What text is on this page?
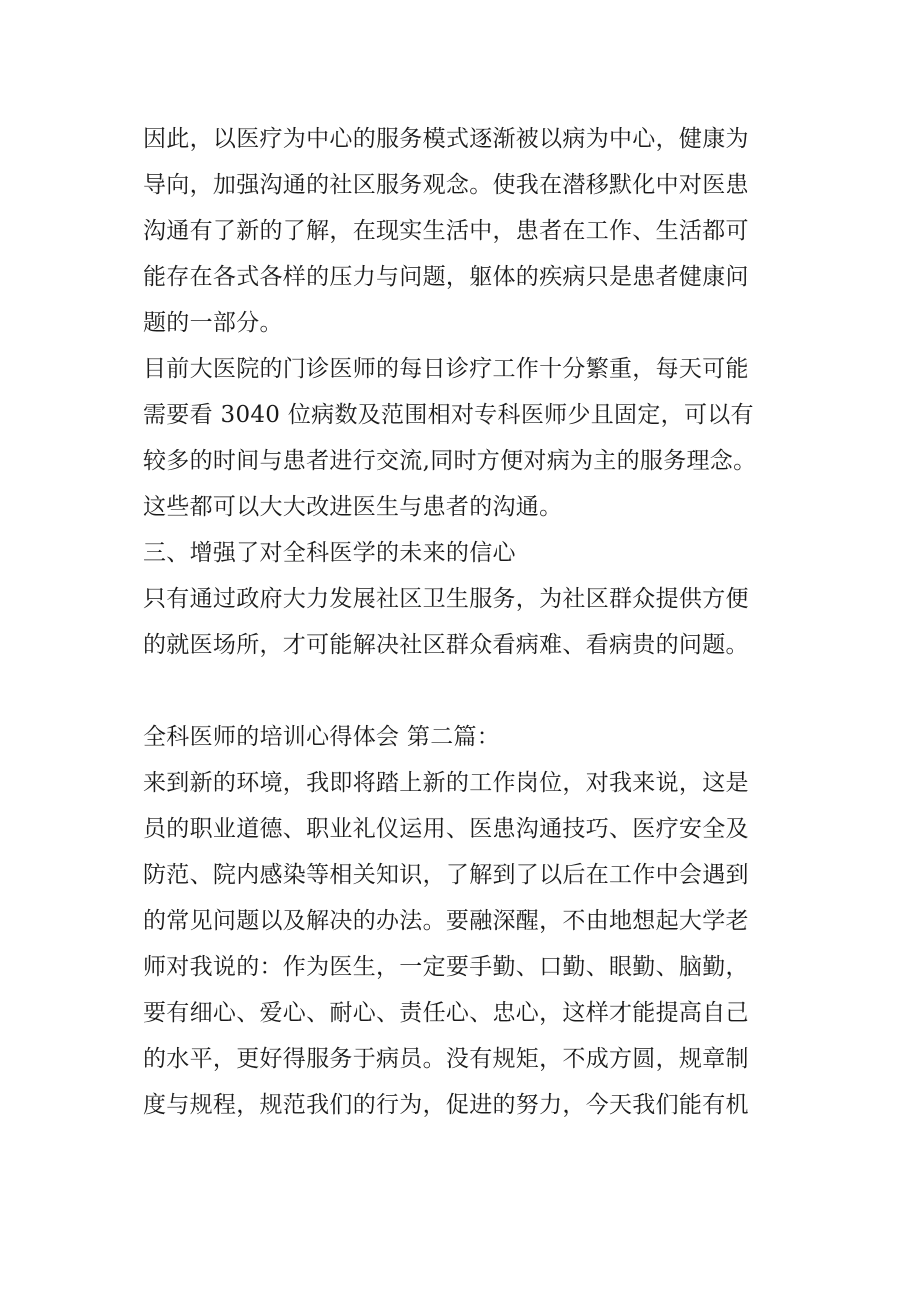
因此，以医疗为中心的服务模式逐渐被以病为中心，健康为
导向，加强沟通的社区服务观念。使我在潜移默化中对医患
沟通有了新的了解，在现实生活中，患者在工作、生活都可
能存在各式各样的压力与问题，躯体的疾病只是患者健康问
题的一部分。
目前大医院的门诊医师的每日诊疗工作十分繁重，每天可能
需要看 3040 位病数及范围相对专科医师少且固定，可以有
较多的时间与患者进行交流,同时方便对病为主的服务理念。
这些都可以大大改进医生与患者的沟通。
三、增强了对全科医学的未来的信心
只有通过政府大力发展社区卫生服务，为社区群众提供方便
的就医场所，才可能解决社区群众看病难、看病贵的问题。
全科医师的培训心得体会 第二篇：
来到新的环境，我即将踏上新的工作岗位，对我来说，这是
员的职业道德、职业礼仪运用、医患沟通技巧、医疗安全及
防范、院内感染等相关知识，了解到了以后在工作中会遇到
的常见问题以及解决的办法。要融深醒，不由地想起大学老
师对我说的：作为医生，一定要手勤、口勤、眼勤、脑勤，
要有细心、爱心、耐心、责任心、忠心，这样才能提高自己
的水平，更好得服务于病员。没有规矩，不成方圆，规章制
度与规程，规范我们的行为，促进的努力，今天我们能有机
